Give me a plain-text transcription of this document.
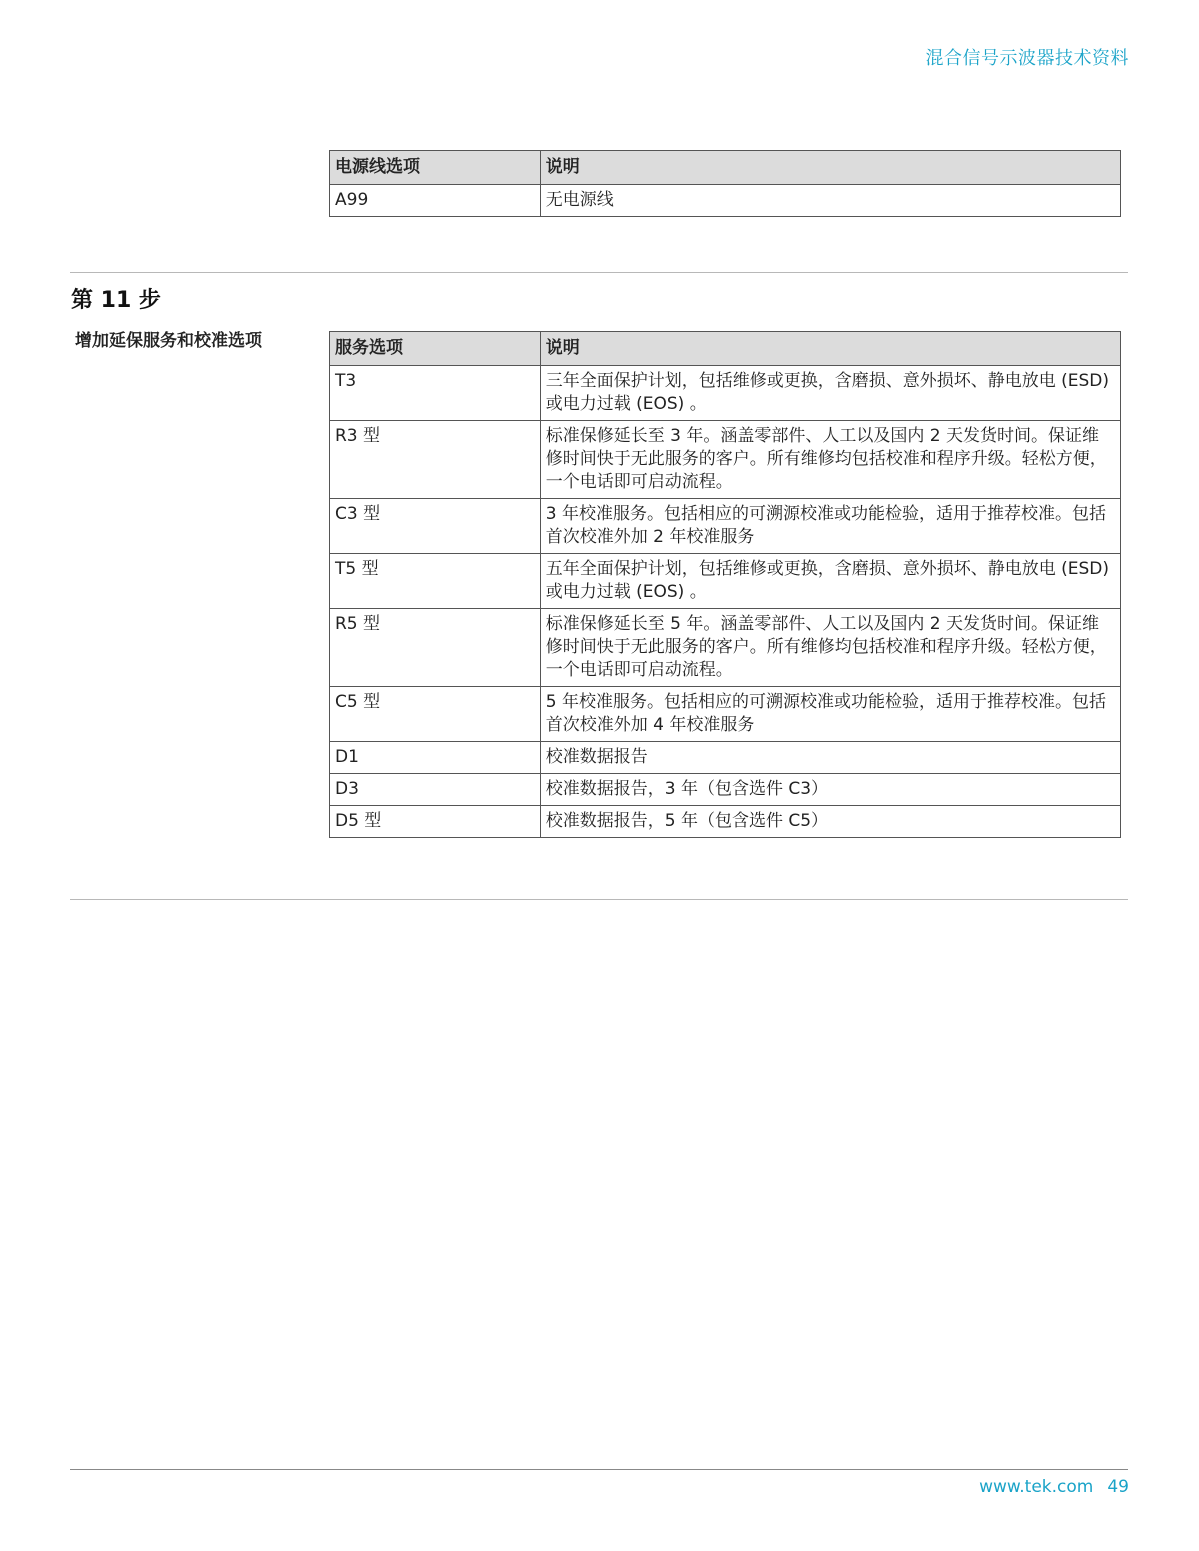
混合信号示波器技术资料
电源线选项	说明
A99	无电源线
第 11 步
增加延保服务和校准选项	服务选项	说明
T3	三年全面保护计划，包括维修或更换，含磨损、意外损坏、静电放电 (ESD) 或电力过载 (EOS) 。
R3 型	标准保修延长至 3 年。涵盖零部件、人工以及国内 2 天发货时间。保证维修时间快于无此服务的客户。所有维修均包括校准和程序升级。轻松方便，一个电话即可启动流程。
C3 型	3 年校准服务。包括相应的可溯源校准或功能检验，适用于推荐校准。包括首次校准外加 2 年校准服务
T5 型	五年全面保护计划，包括维修或更换，含磨损、意外损坏、静电放电 (ESD) 或电力过载 (EOS) 。
R5 型	标准保修延长至 5 年。涵盖零部件、人工以及国内 2 天发货时间。保证维修时间快于无此服务的客户。所有维修均包括校准和程序升级。轻松方便，一个电话即可启动流程。
C5 型	5 年校准服务。包括相应的可溯源校准或功能检验，适用于推荐校准。包括首次校准外加 4 年校准服务
D1	校准数据报告
D3	校准数据报告，3 年（包含选件 C3）
D5 型	校准数据报告，5 年（包含选件 C5）
www.tek.com 49
